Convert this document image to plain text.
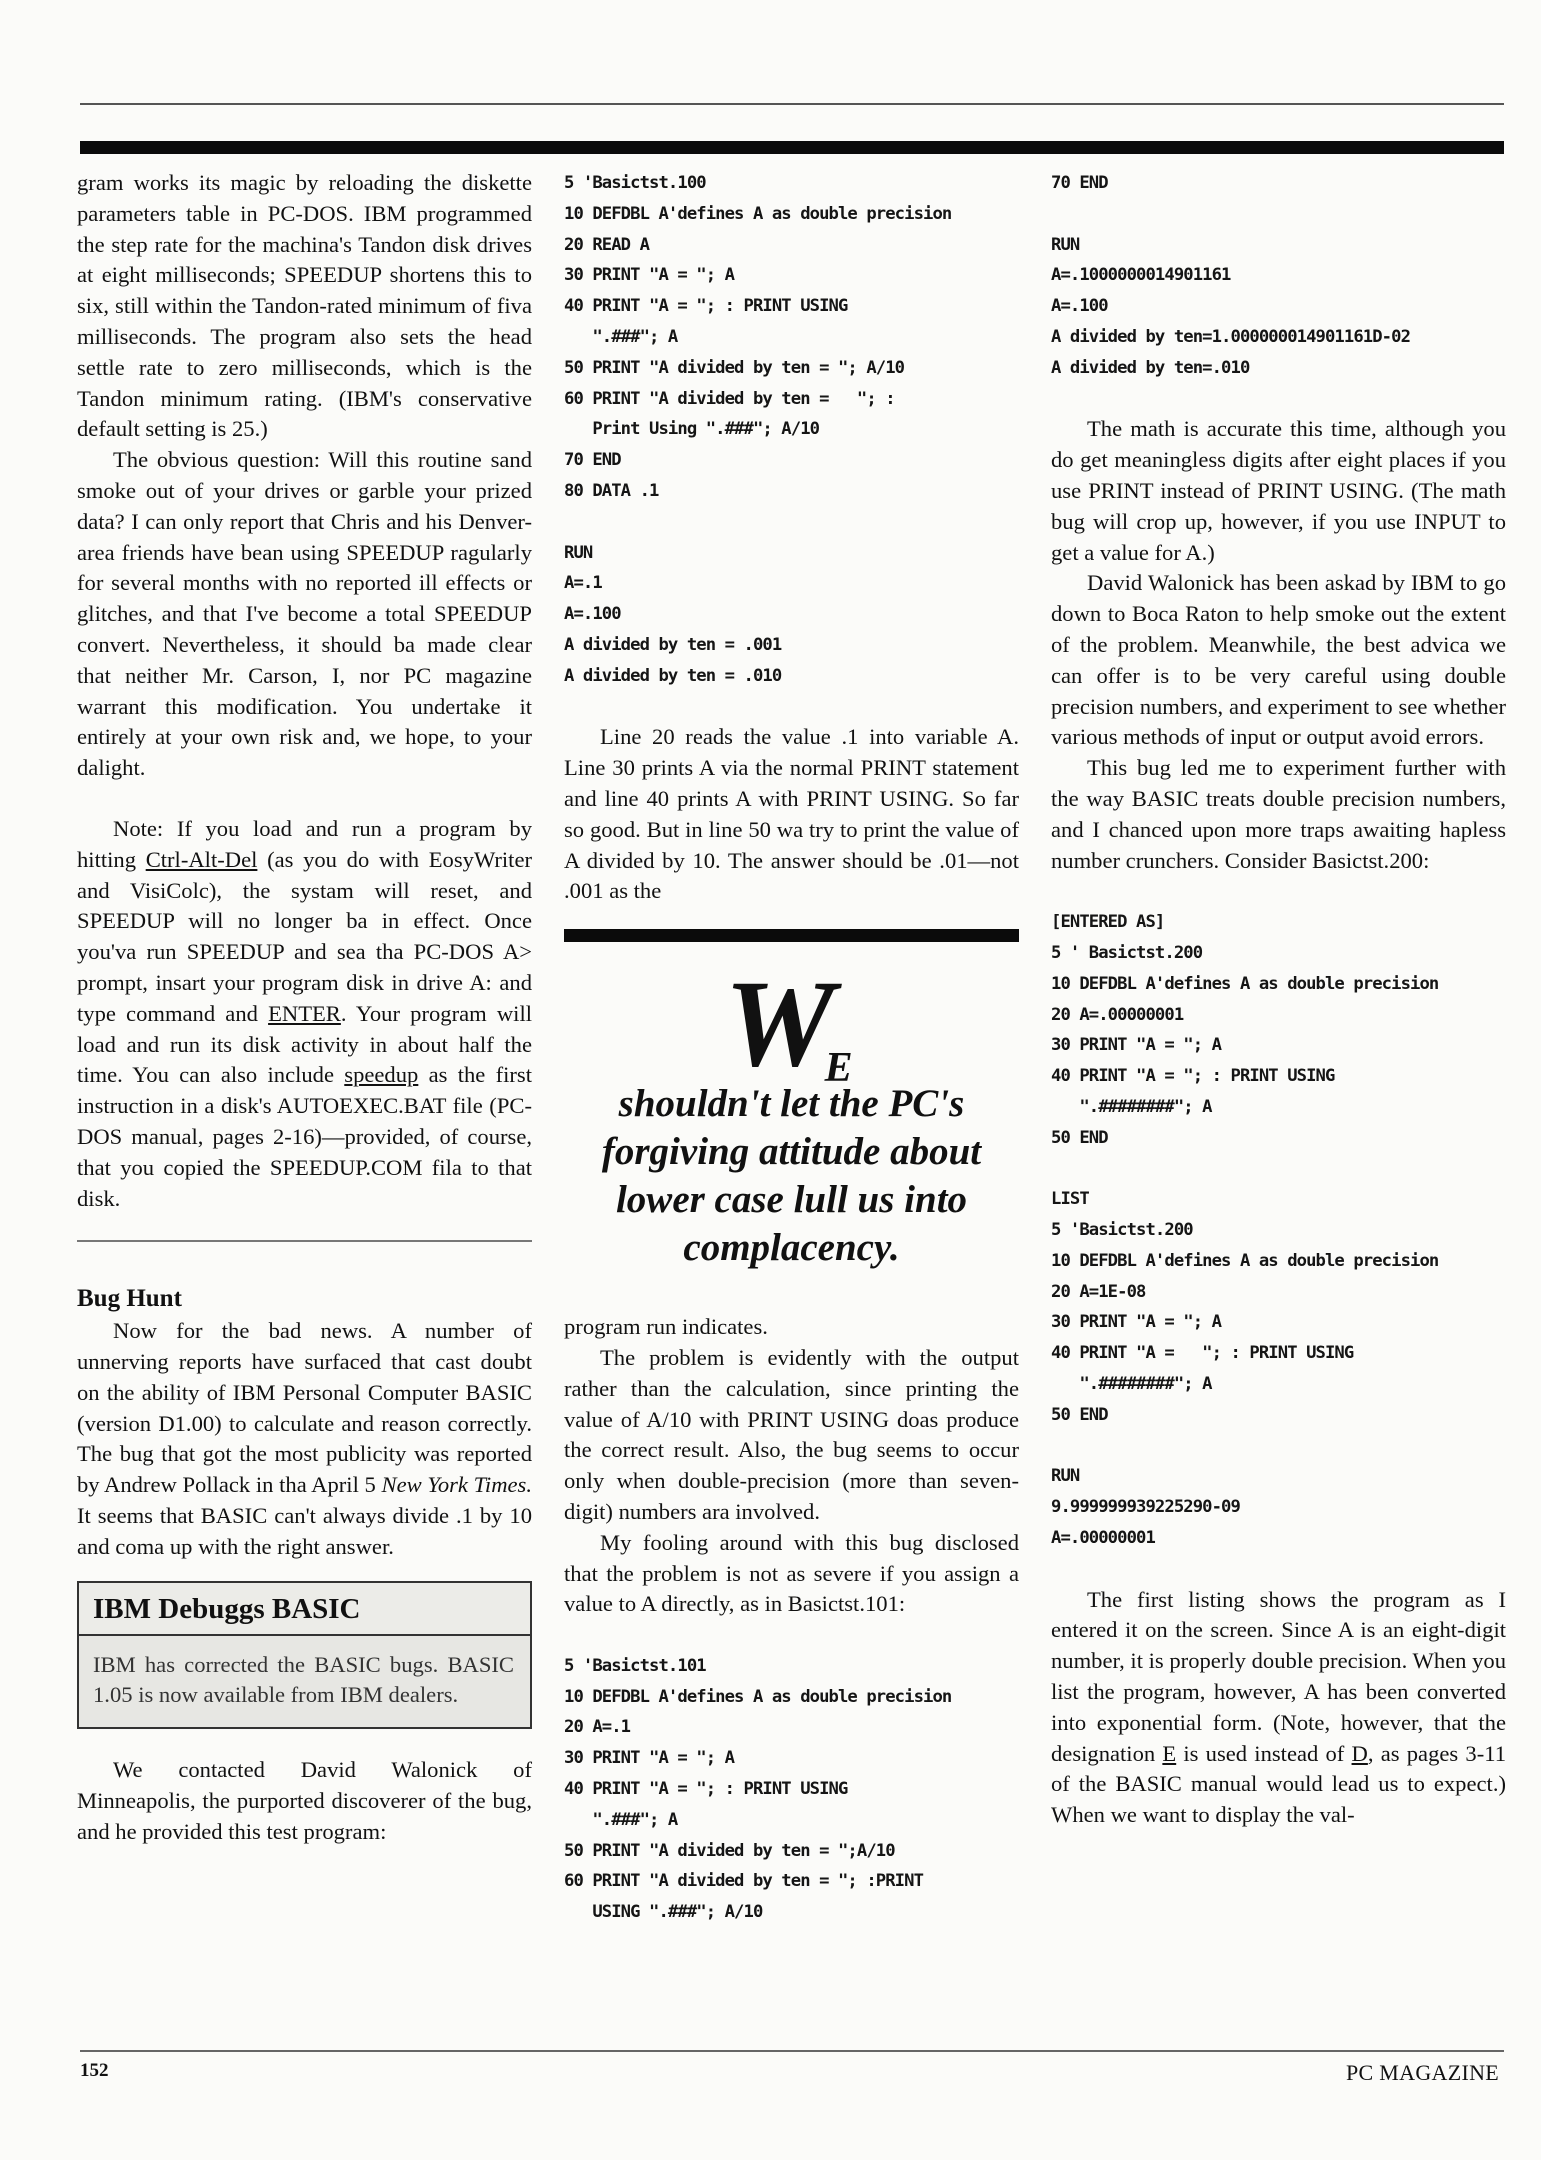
gram works its magic by reloading the diskette parameters table in PC-DOS. IBM programmed the step rate for the machina's Tandon disk drives at eight milliseconds; SPEEDUP shortens this to six, still within the Tandon-rated minimum of fiva milliseconds. The program also sets the head settle rate to zero milliseconds, which is the Tandon minimum rating. (IBM's conservative default setting is 25.)

The obvious question: Will this routine sand smoke out of your drives or garble your prized data? I can only report that Chris and his Denver-area friends have bean using SPEEDUP ragularly for several months with no reported ill effects or glitches, and that I've become a total SPEEDUP convert. Nevertheless, it should ba made clear that neither Mr. Carson, I, nor PC magazine warrant this modification. You undertake it entirely at your own risk and, we hope, to your dalight.

Note: If you load and run a program by hitting Ctrl-Alt-Del (as you do with EosyWriter and VisiColc), the systam will reset, and SPEEDUP will no longer ba in effect. Once you'va run SPEEDUP and sea tha PC-DOS A> prompt, insart your program disk in drive A: and type command and ENTER. Your program will load and run its disk activity in about half the time. You can also include speedup as the first instruction in a disk's AUTOEXEC.BAT file (PC-DOS manual, pages 2-16)—provided, of course, that you copied the SPEEDUP.COM fila to that disk.

Bug Hunt

Now for the bad news. A number of unnerving reports have surfaced that cast doubt on the ability of IBM Personal Computer BASIC (version D1.00) to calculate and reason correctly. The bug that got the most publicity was reported by Andrew Pollack in tha April 5 New York Times. It seems that BASIC can't always divide .1 by 10 and coma up with the right answer.

IBM Debuggs BASIC
IBM has corrected the BASIC bugs. BASIC 1.05 is now available from IBM dealers.

We contacted David Walonick of Minneapolis, the purported discoverer of the bug, and he provided this test program:

5 'Basictst.100
10 DEFDBL A'defines A as double precision
20 READ A
30 PRINT "A = "; A
40 PRINT "A = "; : PRINT USING
".###"; A
50 PRINT "A divided by ten = "; A/10
60 PRINT "A divided by ten =   "; :
Print Using ".###"; A/10
70 END
80 DATA .1
RUN
A=.1
A=.100
A divided by ten = .001
A divided by ten = .010

Line 20 reads the value .1 into variable A. Line 30 prints A via the normal PRINT statement and line 40 prints A with PRINT USING. So far so good. But in line 50 wa try to print the value of A divided by 10. The answer should be .01—not .001 as the

WE

shouldn't let the PC's forgiving attitude about lower case lull us into complacency.

program run indicates.

The problem is evidently with the output rather than the calculation, since printing the value of A/10 with PRINT USING doas produce the correct result. Also, the bug seems to occur only when double-precision (more than seven-digit) numbers ara involved.

My fooling around with this bug disclosed that the problem is not as severe if you assign a value to A directly, as in Basictst.101:

5 'Basictst.101
10 DEFDBL A'defines A as double precision
20 A=.1
30 PRINT "A = "; A
40 PRINT "A = "; : PRINT USING
".###"; A
50 PRINT "A divided by ten = ";A/10
60 PRINT "A divided by ten = "; :PRINT
USING ".###"; A/10
70 END
RUN
A=.1000000014901161
A=.100
A divided by ten=1.000000014901161D-02
A divided by ten=.010

The math is accurate this time, although you do get meaningless digits after eight places if you use PRINT instead of PRINT USING. (The math bug will crop up, however, if you use INPUT to get a value for A.)

David Walonick has been askad by IBM to go down to Boca Raton to help smoke out the extent of the problem. Meanwhile, the best advica we can offer is to be very careful using double precision numbers, and experiment to see whether various methods of input or output avoid errors.

This bug led me to experiment further with the way BASIC treats double precision numbers, and I chanced upon more traps awaiting hapless number crunchers. Consider Basictst.200:

[ENTERED AS]
5 ' Basictst.200
10 DEFDBL A'defines A as double precision
20 A=.00000001
30 PRINT "A = "; A
40 PRINT "A = "; : PRINT USING
".########"; A
50 END
LIST
5 'Basictst.200
10 DEFDBL A'defines A as double precision
20 A=1E-08
30 PRINT "A = "; A
40 PRINT "A =   "; : PRINT USING
".########"; A
50 END
RUN
9.999999939225290-09
A=.00000001

The first listing shows the program as I entered it on the screen. Since A is an eight-digit number, it is properly double precision. When you list the program, however, A has been converted into exponential form. (Note, however, that the designation E is used instead of D, as pages 3-11 of the BASIC manual would lead us to expect.) When we want to display the val-

152	PC MAGAZINE
